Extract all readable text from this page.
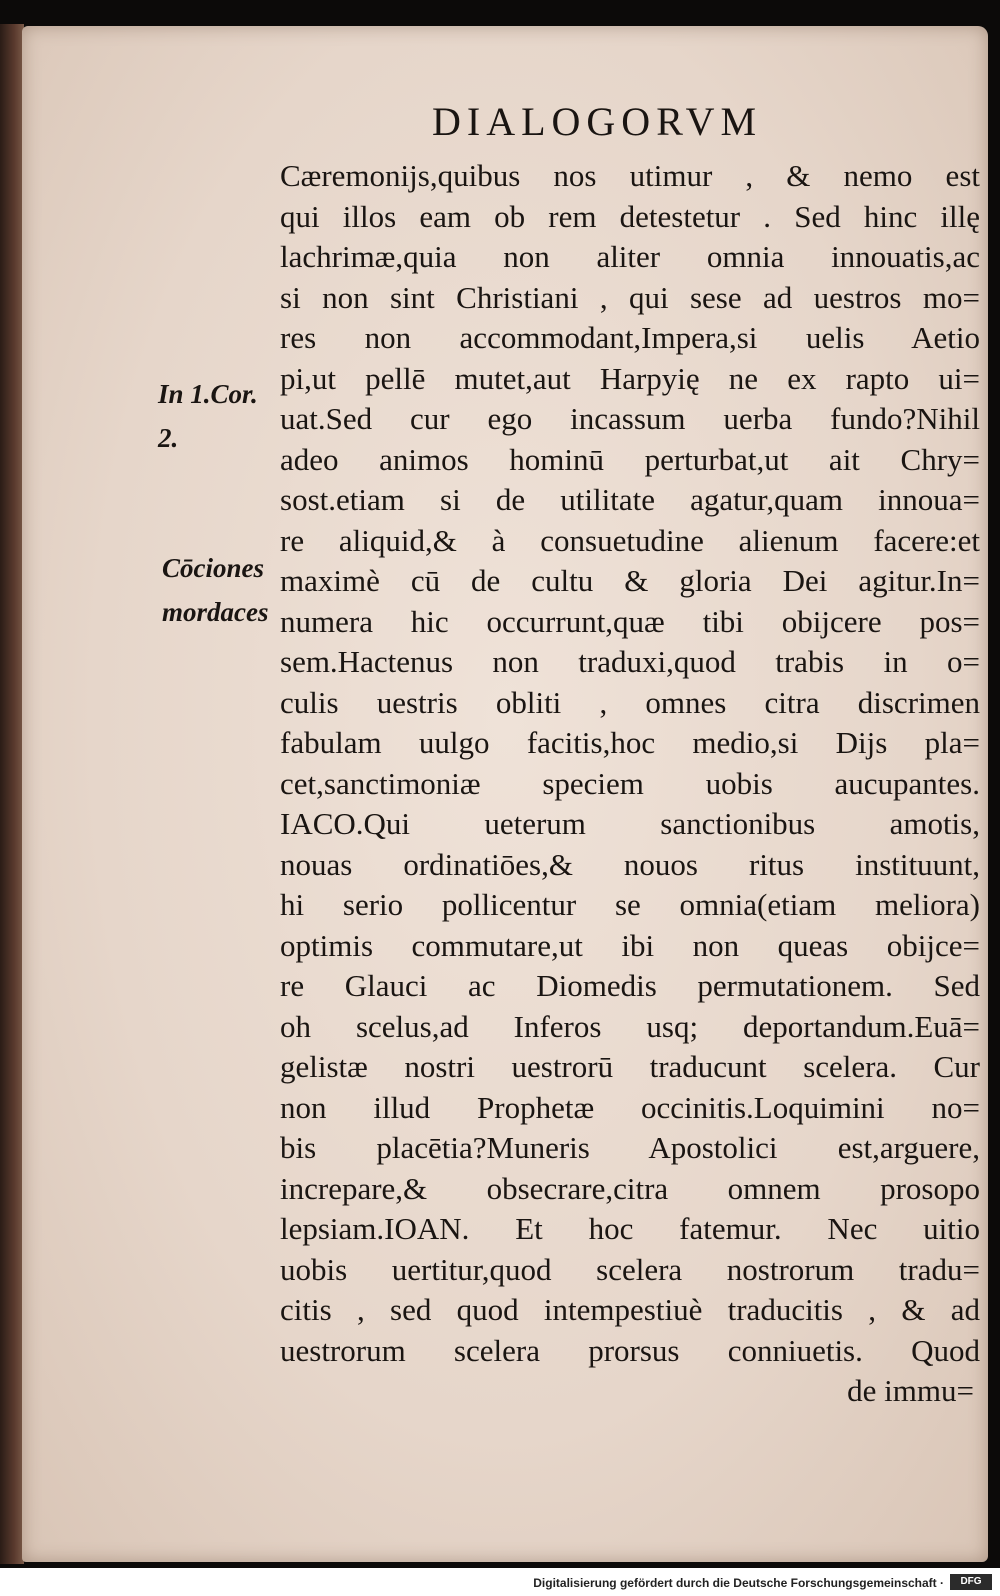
DIALOGORVM
In 1.Cor.
2.
Cōciones
mordaces
Cæremonijs,quibus nos utimur , & nemo est
qui illos eam ob rem detestetur . Sed hinc illę
lachrimæ,quia non aliter omnia innouatis,ac
si non sint Christiani , qui sese ad uestros mo=
res non accommodant,Impera,si uelis Aetio
pi,ut pellē mutet,aut Harpyię ne ex rapto ui=
uat.Sed cur ego incassum uerba fundo?Nihil
adeo animos hominū perturbat,ut ait Chry=
sost.etiam si de utilitate agatur,quam innoua=
re aliquid,& à consuetudine alienum facere:et
maximè cū de cultu & gloria Dei agitur.In=
numera hic occurrunt,quæ tibi obijcere pos=
sem.Hactenus non traduxi,quod trabis in o=
culis uestris obliti , omnes citra discrimen
fabulam uulgo facitis,hoc medio,si Dijs pla=
cet,sanctimoniæ speciem uobis aucupantes.
IACO.Qui ueterum sanctionibus amotis,
nouas ordinatiōes,& nouos ritus instituunt,
hi serio pollicentur se omnia(etiam meliora)
optimis commutare,ut ibi non queas obijce=
re Glauci ac Diomedis permutationem. Sed
oh scelus,ad Inferos usq; deportandum.Euā=
gelistæ nostri uestrorū traducunt scelera. Cur
non illud Prophetæ occinitis.Loquimini no=
bis placētia?Muneris Apostolici est,arguere,
increpare,& obsecrare,citra omnem prosopo
lepsiam.IOAN. Et hoc fatemur. Nec uitio
uobis uertitur,quod scelera nostrorum tradu=
citis , sed quod intempestiuè traducitis , & ad
uestrorum scelera prorsus conniuetis. Quod
de immu=
Digitalisierung gefördert durch die Deutsche Forschungsgemeinschaft ·	DFG
